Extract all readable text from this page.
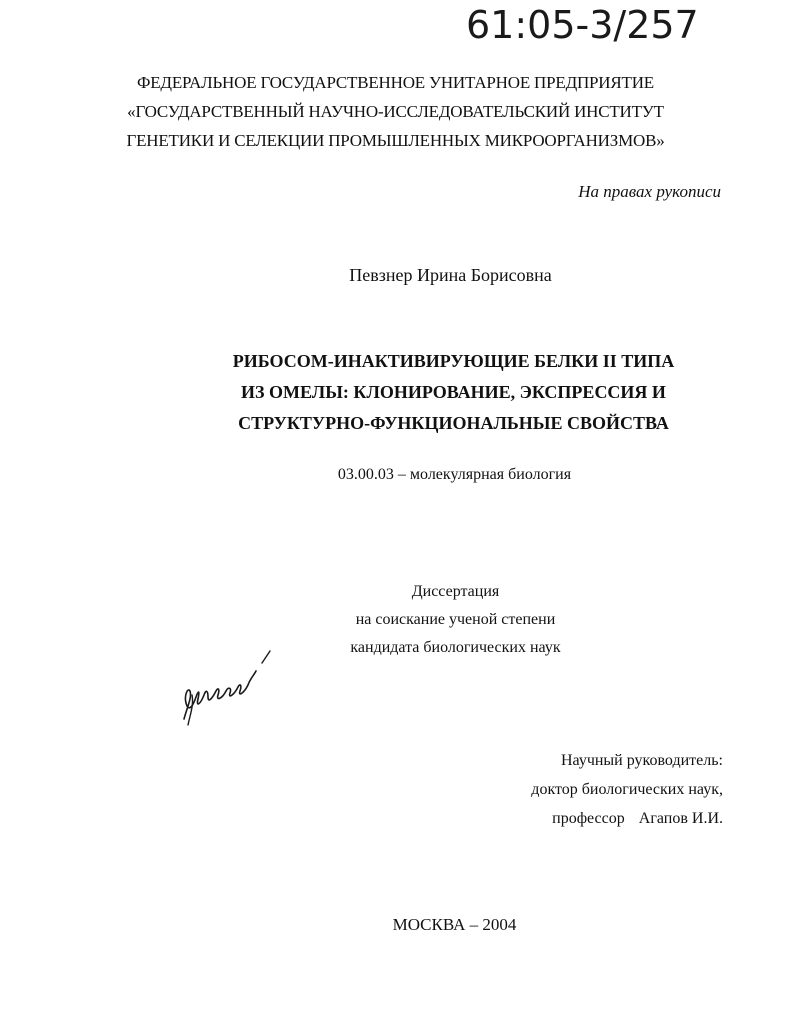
61:05-3/257
ФЕДЕРАЛЬНОЕ ГОСУДАРСТВЕННОЕ УНИТАРНОЕ ПРЕДПРИЯТИЕ
«ГОСУДАРСТВЕННЫЙ НАУЧНО-ИССЛЕДОВАТЕЛЬСКИЙ ИНСТИТУТ
ГЕНЕТИКИ И СЕЛЕКЦИИ ПРОМЫШЛЕННЫХ МИКРООРГАНИЗМОВ»
На правах рукописи
Певзнер Ирина Борисовна
РИБОСОМ-ИНАКТИВИРУЮЩИЕ БЕЛКИ II ТИПА
ИЗ ОМЕЛЫ: КЛОНИРОВАНИЕ, ЭКСПРЕССИЯ И
СТРУКТУРНО-ФУНКЦИОНАЛЬНЫЕ СВОЙСТВА
03.00.03 – молекулярная биология
Диссертация
на соискание ученой степени
кандидата биологических наук
Научный руководитель:
доктор биологических наук,
профессор Агапов И.И.
МОСКВА – 2004
